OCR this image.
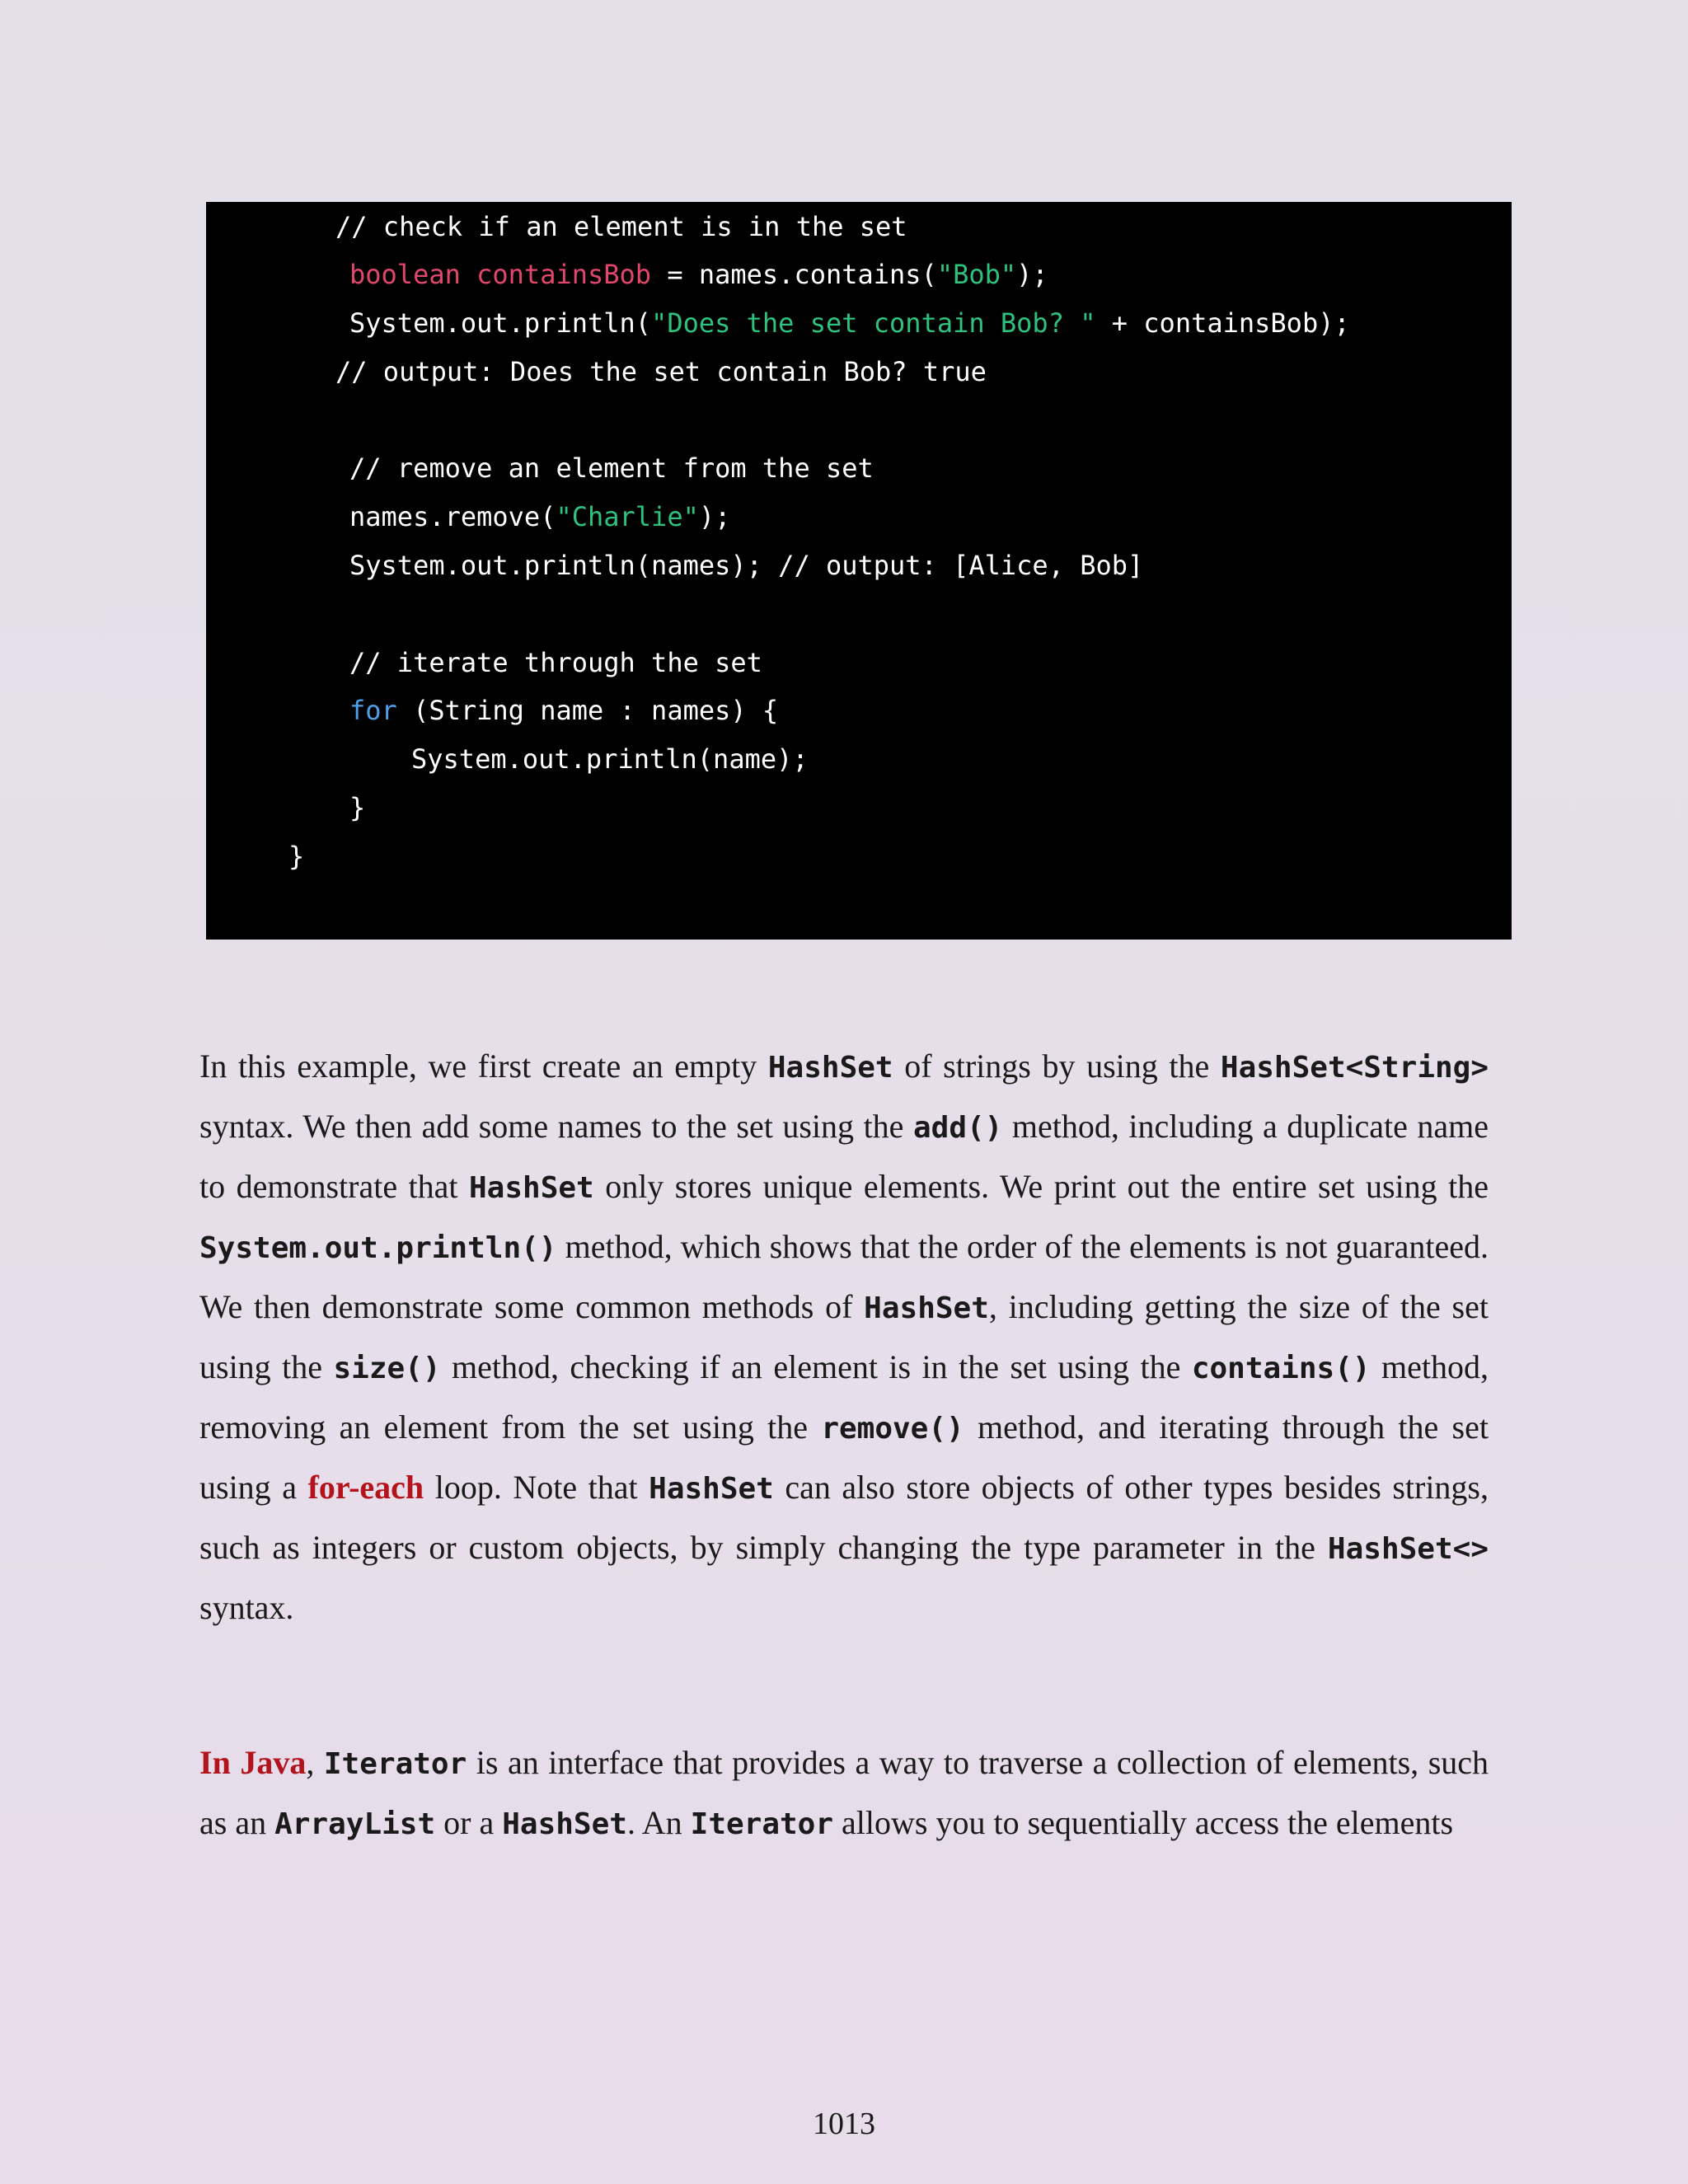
// check if an element is in the set
boolean containsBob = names.contains("Bob");
System.out.println("Does the set contain Bob? " + containsBob);
// output: Does the set contain Bob? true
// remove an element from the set
names.remove("Charlie");
System.out.println(names); // output: [Alice, Bob]
// iterate through the set
for (String name : names) {
System.out.println(name);
}
}

In this example, we first create an empty HashSet of strings by using the HashSet<String> syntax. We then add some names to the set using the add() method, including a duplicate name to demonstrate that HashSet only stores unique elements. We print out the entire set using the System.out.println() method, which shows that the order of the elements is not guaranteed. We then demonstrate some common methods of HashSet, including getting the size of the set using the size() method, checking if an element is in the set using the contains() method, removing an element from the set using the remove() method, and iterating through the set using a for-each loop. Note that HashSet can also store objects of other types besides strings, such as integers or custom objects, by simply changing the type parameter in the HashSet<> syntax.

In Java, Iterator is an interface that provides a way to traverse a collection of elements, such as an ArrayList or a HashSet. An Iterator allows you to sequentially access the elements

1013
